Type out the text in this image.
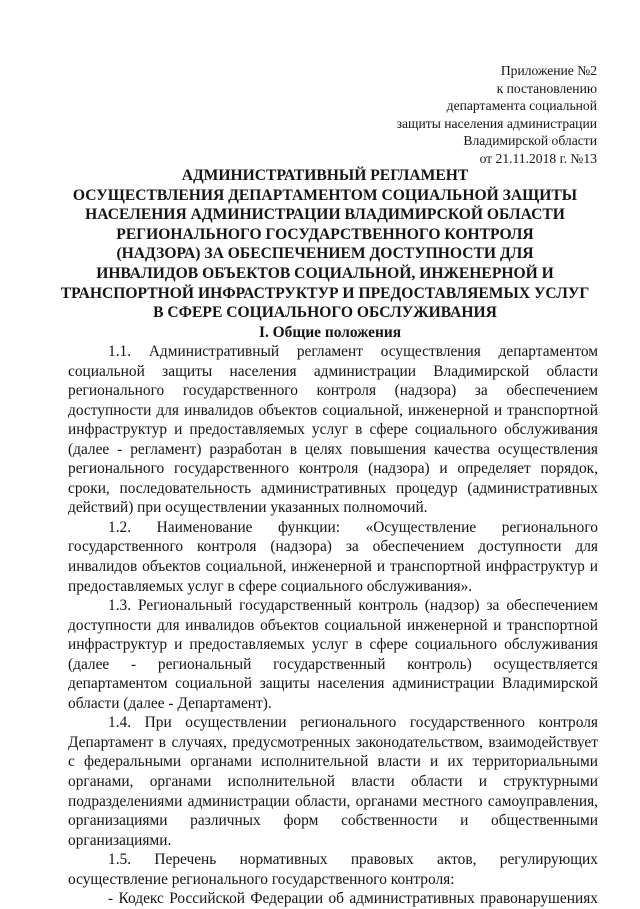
Приложение №2
к постановлению
департамента социальной
защиты населения администрации
Владимирской области
от 21.11.2018 г. №13
АДМИНИСТРАТИВНЫЙ РЕГЛАМЕНТ
ОСУЩЕСТВЛЕНИЯ ДЕПАРТАМЕНТОМ СОЦИАЛЬНОЙ ЗАЩИТЫ
НАСЕЛЕНИЯ АДМИНИСТРАЦИИ ВЛАДИМИРСКОЙ ОБЛАСТИ
РЕГИОНАЛЬНОГО ГОСУДАРСТВЕННОГО КОНТРОЛЯ
(НАДЗОРА) ЗА ОБЕСПЕЧЕНИЕМ ДОСТУПНОСТИ ДЛЯ
ИНВАЛИДОВ ОБЪЕКТОВ СОЦИАЛЬНОЙ, ИНЖЕНЕРНОЙ И
ТРАНСПОРТНОЙ ИНФРАСТРУКТУР И ПРЕДОСТАВЛЯЕМЫХ УСЛУГ
В СФЕРЕ СОЦИАЛЬНОГО ОБСЛУЖИВАНИЯ
I. Общие положения

1.1. Административный регламент осуществления департаментом социальной защиты населения администрации Владимирской области регионального государственного контроля (надзора) за обеспечением доступности для инвалидов объектов социальной, инженерной и транспортной инфраструктур и предоставляемых услуг в сфере социального обслуживания (далее - регламент) разработан в целях повышения качества осуществления регионального государственного контроля (надзора) и определяет порядок, сроки, последовательность административных процедур (административных действий) при осуществлении указанных полномочий.

1.2. Наименование функции: «Осуществление регионального государственного контроля (надзора) за обеспечением доступности для инвалидов объектов социальной, инженерной и транспортной инфраструктур и предоставляемых услуг в сфере социального обслуживания».

1.3. Региональный государственный контроль (надзор) за обеспечением доступности для инвалидов объектов социальной инженерной и транспортной инфраструктур и предоставляемых услуг в сфере социального обслуживания (далее - региональный государственный контроль) осуществляется департаментом социальной защиты населения администрации Владимирской области (далее - Департамент).

1.4. При осуществлении регионального государственного контроля Департамент в случаях, предусмотренных законодательством, взаимодействует с федеральными органами исполнительной власти и их территориальными органами, органами исполнительной власти области и структурными подразделениями администрации области, органами местного самоуправления, организациями различных форм собственности и общественными организациями.

1.5. Перечень нормативных правовых актов, регулирующих осуществление регионального государственного контроля:

- Кодекс Российской Федерации об административных правонарушениях
